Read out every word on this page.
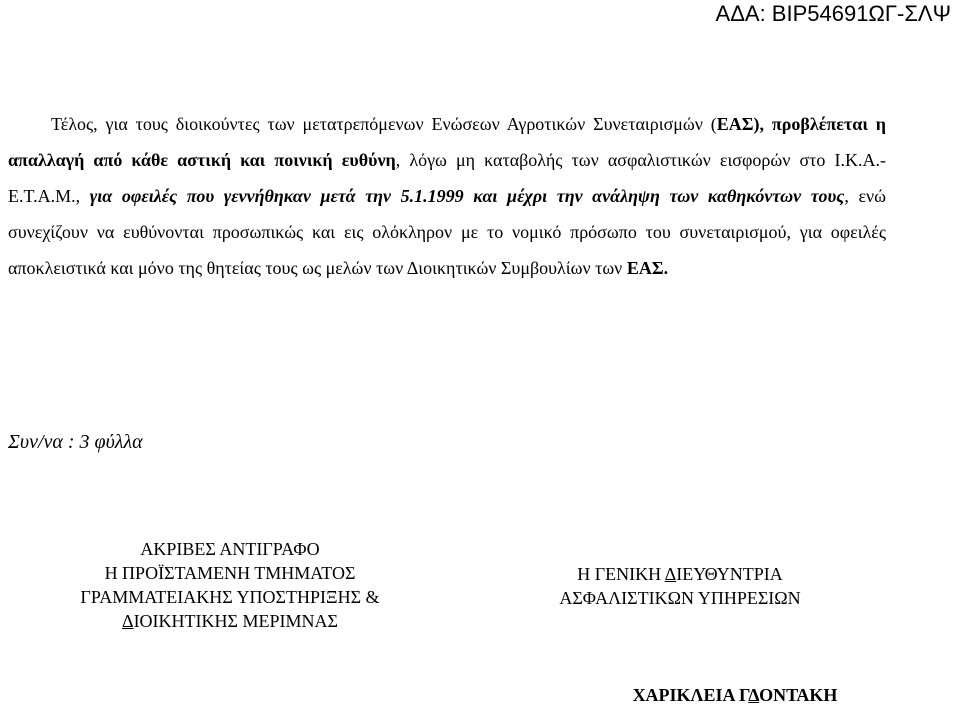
ΑΔΑ: ΒΙΡ54691ΩΓ-ΣΛΨ
Τέλος, για τους διοικούντες των μετατρεπόμενων Ενώσεων Αγροτικών Συνεταιρισμών (ΕΑΣ), προβλέπεται η απαλλαγή από κάθε αστική και ποινική ευθύνη, λόγω μη καταβολής των ασφαλιστικών εισφορών στο Ι.Κ.Α.-Ε.Τ.Α.Μ., για οφειλές που γεννήθηκαν μετά την 5.1.1999 και μέχρι την ανάληψη των καθηκόντων τους, ενώ συνεχίζουν να ευθύνονται προσωπικώς και εις ολόκληρον με το νομικό πρόσωπο του συνεταιρισμού, για οφειλές αποκλειστικά και μόνο της θητείας τους ως μελών των Διοικητικών Συμβουλίων των ΕΑΣ.
Συν/να : 3 φύλλα
ΑΚΡΙΒΕΣ ΑΝΤΙΓΡΑΦΟ
Η ΠΡΟΪΣΤΑΜΕΝΗ ΤΜΗΜΑΤΟΣ
ΓΡΑΜΜΑΤΕΙΑΚΗΣ ΥΠΟΣΤΗΡΙΞΗΣ &
ΔΙΟΙΚΗΤΙΚΗΣ ΜΕΡΙΜΝΑΣ
Η ΓΕΝΙΚΗ ΔΙΕΥΘΥΝΤΡΙΑ
ΑΣΦΑΛΙΣΤΙΚΩΝ ΥΠΗΡΕΣΙΩΝ
ΧΑΡΙΚΛΕΙΑ ΓΔΟΝΤΑΚΗ
